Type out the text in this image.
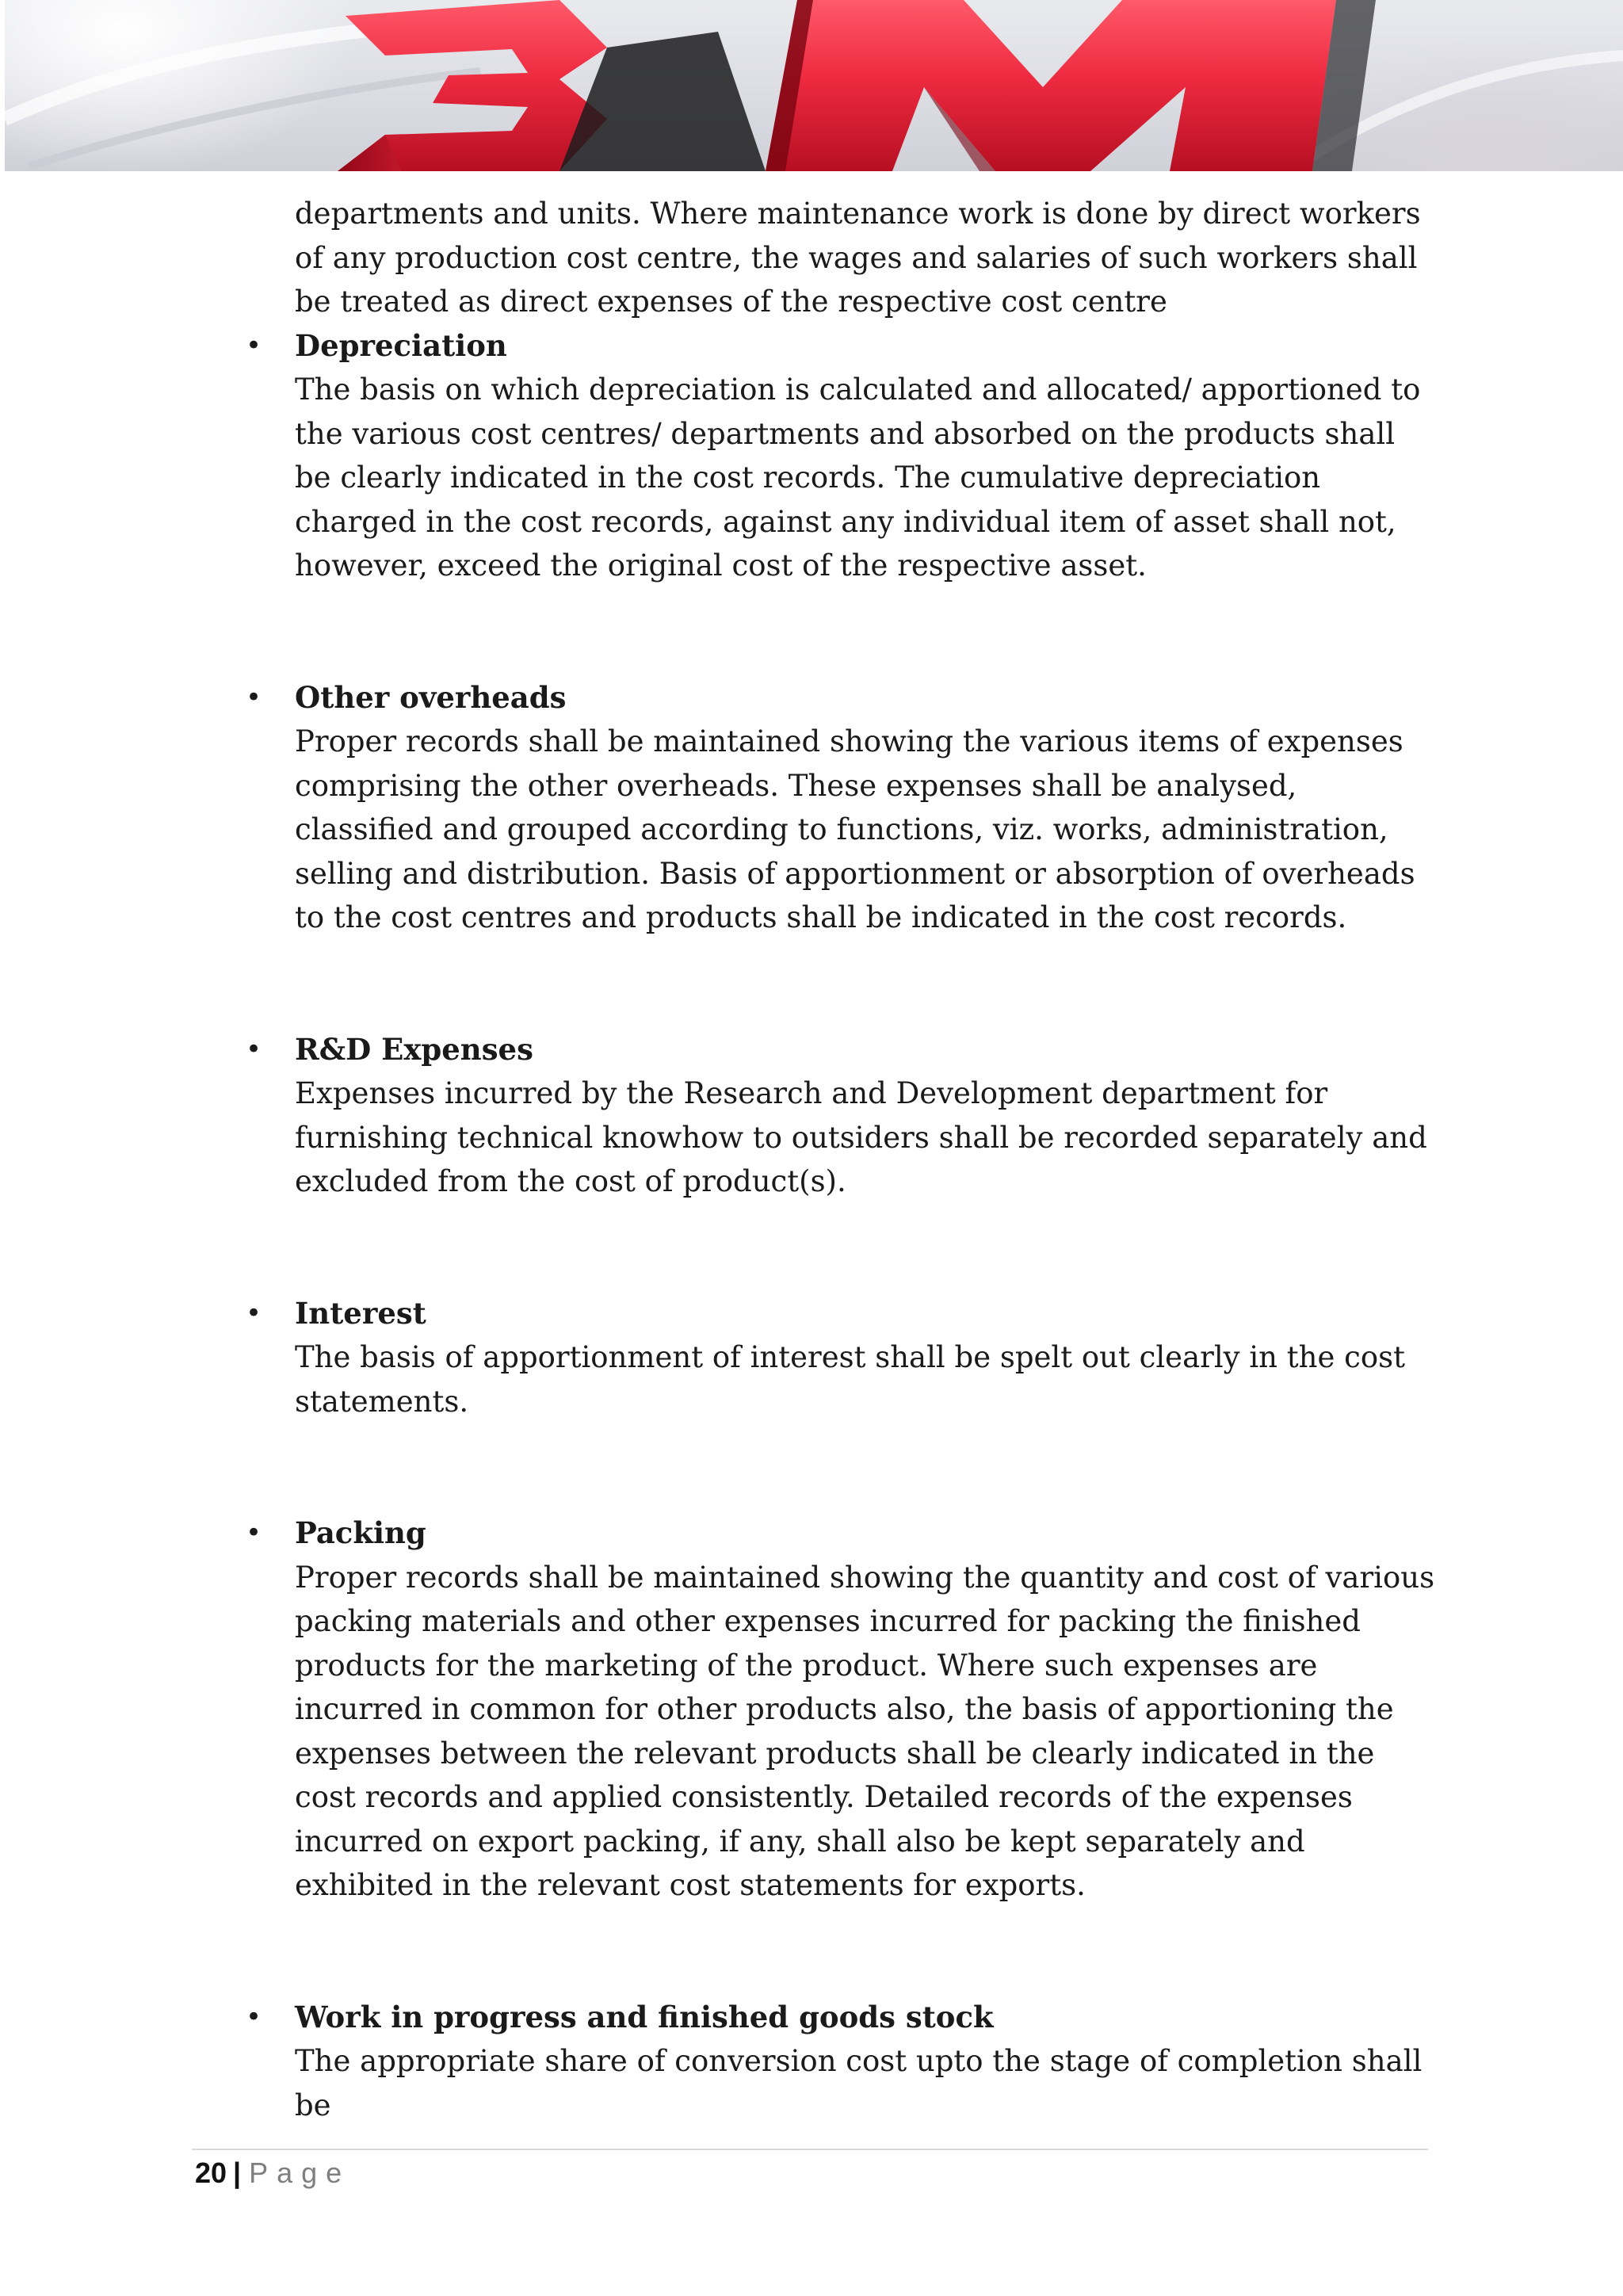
departments and units. Where maintenance work is done by direct workers of any production cost centre, the wages and salaries of such workers shall be treated as direct expenses of the respective cost centre

• Depreciation

The basis on which depreciation is calculated and allocated/ apportioned to the various cost centres/ departments and absorbed on the products shall be clearly indicated in the cost records. The cumulative depreciation charged in the cost records, against any individual item of asset shall not, however, exceed the original cost of the respective asset.

• Other overheads

Proper records shall be maintained showing the various items of expenses comprising the other overheads. These expenses shall be analysed, classified and grouped according to functions, viz. works, administration, selling and distribution. Basis of apportionment or absorption of overheads to the cost centres and products shall be indicated in the cost records.

• R&D Expenses

Expenses incurred by the Research and Development department for furnishing technical knowhow to outsiders shall be recorded separately and excluded from the cost of product(s).

• Interest

The basis of apportionment of interest shall be spelt out clearly in the cost statements.

• Packing

Proper records shall be maintained showing the quantity and cost of various packing materials and other expenses incurred for packing the finished products for the marketing of the product. Where such expenses are incurred in common for other products also, the basis of apportioning the expenses between the relevant products shall be clearly indicated in the cost records and applied consistently. Detailed records of the expenses incurred on export packing, if any, shall also be kept separately and exhibited in the relevant cost statements for exports.

• Work in progress and finished goods stock

The appropriate share of conversion cost upto the stage of completion shall be

20 | Page
